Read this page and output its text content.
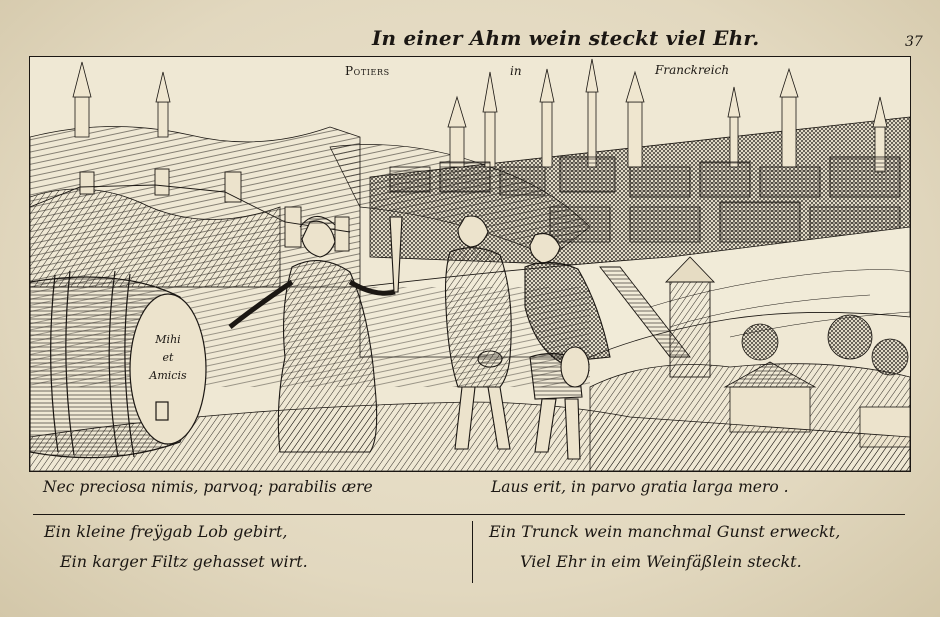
In einer Ahm wein steckt viel Ehr.	37
Mihi
et
Amicis
Potiers	in	Franckreich
Nec preciosa nimis, parvoq; parabilis ære	Laus erit, in parvo gratia larga mero .
Ein kleine freÿgab Lob gebirt,
Ein karger Filtz gehasset wirt.
Ein Trunck wein manchmal Gunst erweckt,
Viel Ehr in eim Weinfäßlein steckt.
